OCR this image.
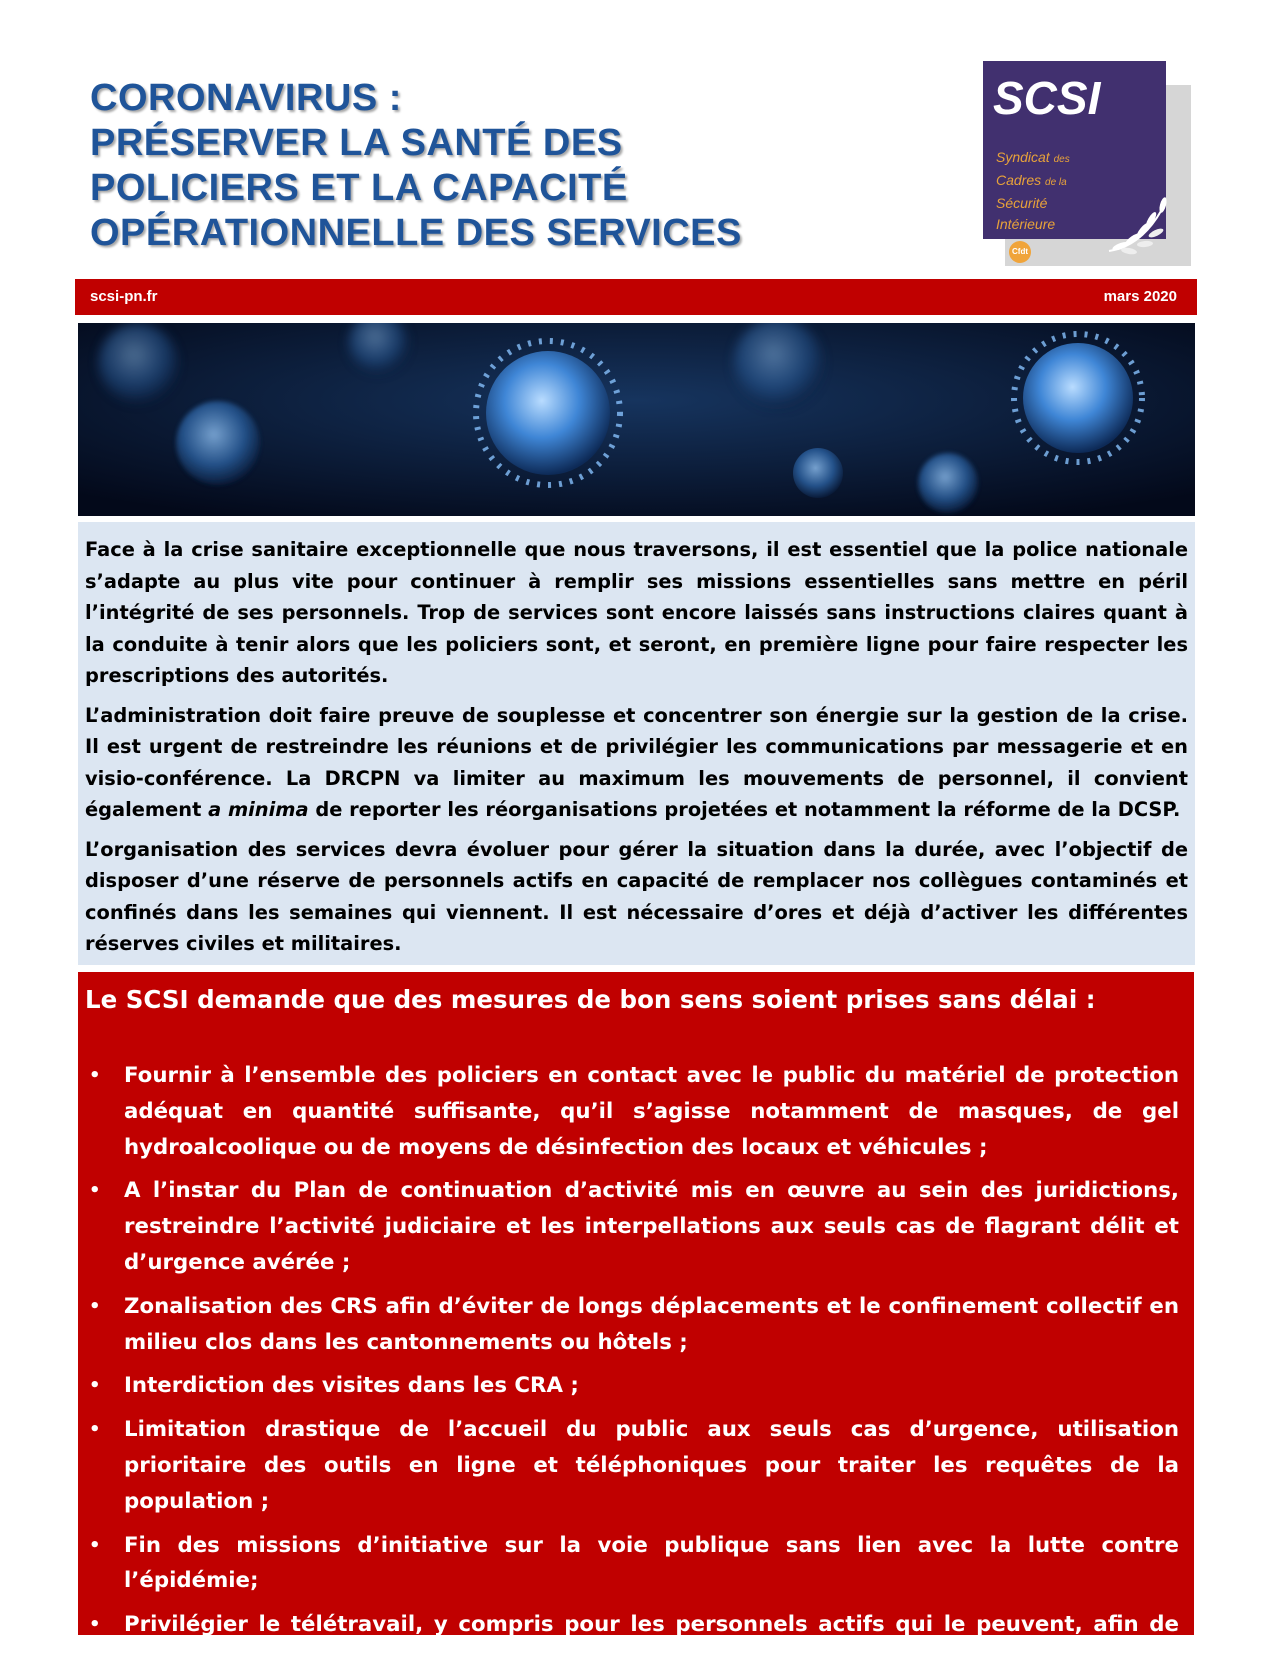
CORONAVIRUS :
PRÉSERVER LA SANTÉ DES
POLICIERS ET LA CAPACITÉ
OPÉRATIONNELLE DES SERVICES
SCSI
Syndicat des
Cadres de la
Sécurité
Intérieure
Cfdt
scsi-pn.fr	mars 2020

Face à la crise sanitaire exceptionnelle que nous traversons, il est essentiel que la police nationale s’adapte au plus vite pour continuer à remplir ses missions essentielles sans mettre en péril l’intégrité de ses personnels. Trop de services sont encore laissés sans instructions claires quant à la conduite à tenir alors que les policiers sont, et seront, en première ligne pour faire respecter les prescriptions des autorités.

L’administration doit faire preuve de souplesse et concentrer son énergie sur la gestion de la crise. Il est urgent de restreindre les réunions et de privilégier les communications par messagerie et en visio-conférence. La DRCPN va limiter au maximum les mouvements de personnel, il convient également a minima de reporter les réorganisations projetées et notamment la réforme de la DCSP.

L’organisation des services devra évoluer pour gérer la situation dans la durée, avec l’objectif de disposer d’une réserve de personnels actifs en capacité de remplacer nos collègues contaminés et confinés dans les semaines qui viennent. Il est nécessaire d’ores et déjà d’activer les différentes réserves civiles et militaires.

Le SCSI demande que des mesures de bon sens soient prises sans délai :
• Fournir à l’ensemble des policiers en contact avec le public du matériel de protection adéquat en quantité suffisante, qu’il s’agisse notamment de masques, de gel hydroalcoolique ou de moyens de désinfection des locaux et véhicules ;
• A l’instar du Plan de continuation d’activité mis en œuvre au sein des juridictions, restreindre l’activité judiciaire et les interpellations aux seuls cas de flagrant délit et d’urgence avérée ;
• Zonalisation des CRS afin d’éviter de longs déplacements et le confinement collectif en milieu clos dans les cantonnements ou hôtels ;
• Interdiction des visites dans les CRA ;
• Limitation drastique de l’accueil du public aux seuls cas d’urgence, utilisation prioritaire des outils en ligne et téléphoniques pour traiter les requêtes de la population ;
• Fin des missions d’initiative sur la voie publique sans lien avec la lutte contre l’épidémie;
• Privilégier le télétravail, y compris pour les personnels actifs qui le peuvent, afin de constituer une réserve à disposition de la DGPN.
